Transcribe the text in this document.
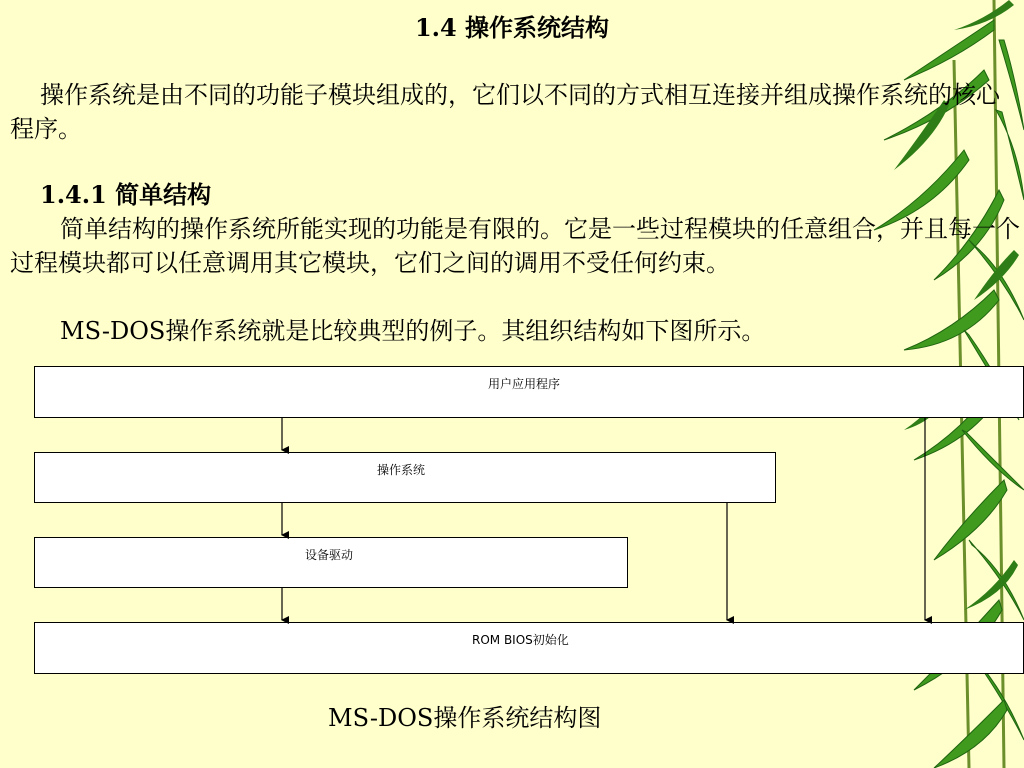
1.4 操作系统结构

操作系统是由不同的功能子模块组成的，它们以不同的方式相互连接并组成操作系统的核心程序。

1.4.1 简单结构

简单结构的操作系统所能实现的功能是有限的。它是一些过程模块的任意组合，并且每一个过程模块都可以任意调用其它模块，它们之间的调用不受任何约束。

MS-DOS操作系统就是比较典型的例子。其组织结构如下图所示。

用户应用程序
操作系统
设备驱动
ROM BIOS初始化
MS-DOS操作系统结构图
